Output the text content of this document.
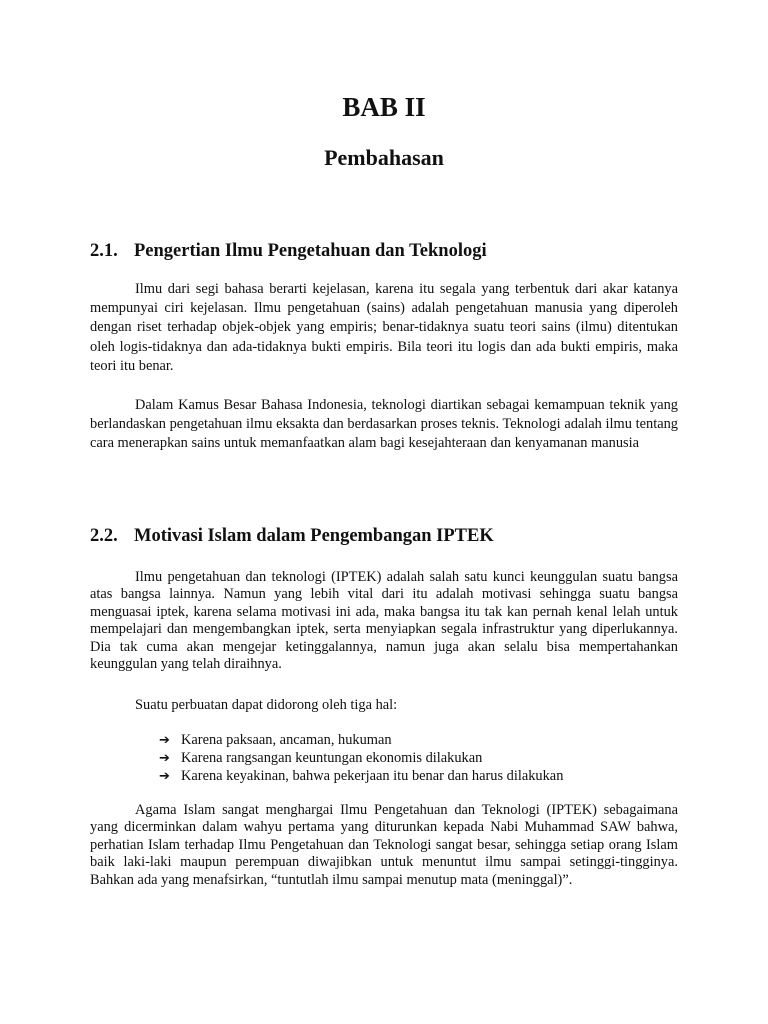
BAB II
Pembahasan
2.1. Pengertian Ilmu Pengetahuan dan Teknologi

Ilmu dari segi bahasa berarti kejelasan, karena itu segala yang terbentuk dari akar katanya mempunyai ciri kejelasan. Ilmu pengetahuan (sains) adalah pengetahuan manusia yang diperoleh dengan riset terhadap objek-objek yang empiris; benar-tidaknya suatu teori sains (ilmu) ditentukan oleh logis-tidaknya dan ada-tidaknya bukti empiris. Bila teori itu logis dan ada bukti empiris, maka teori itu benar.

Dalam Kamus Besar Bahasa Indonesia, teknologi diartikan sebagai kemampuan teknik yang berlandaskan pengetahuan ilmu eksakta dan berdasarkan proses teknis. Teknologi adalah ilmu tentang cara menerapkan sains untuk memanfaatkan alam bagi kesejahteraan dan kenyamanan manusia

2.2. Motivasi Islam dalam Pengembangan IPTEK

Ilmu pengetahuan dan teknologi (IPTEK) adalah salah satu kunci keunggulan suatu bangsa atas bangsa lainnya. Namun yang lebih vital dari itu adalah motivasi sehingga suatu bangsa menguasai iptek, karena selama motivasi ini ada, maka bangsa itu tak kan pernah kenal lelah untuk mempelajari dan mengembangkan iptek, serta menyiapkan segala infrastruktur yang diperlukannya. Dia tak cuma akan mengejar ketinggalannya, namun juga akan selalu bisa mempertahankan keunggulan yang telah diraihnya.

Suatu perbuatan dapat didorong oleh tiga hal:

➔ Karena paksaan, ancaman, hukuman
➔ Karena rangsangan keuntungan ekonomis dilakukan
➔ Karena keyakinan, bahwa pekerjaan itu benar dan harus dilakukan

Agama Islam sangat menghargai Ilmu Pengetahuan dan Teknologi (IPTEK) sebagaimana yang dicerminkan dalam wahyu pertama yang diturunkan kepada Nabi Muhammad SAW bahwa, perhatian Islam terhadap Ilmu Pengetahuan dan Teknologi sangat besar, sehingga setiap orang Islam baik laki-laki maupun perempuan diwajibkan untuk menuntut ilmu sampai setinggi-tingginya. Bahkan ada yang menafsirkan, “tuntutlah ilmu sampai menutup mata (meninggal)”.
